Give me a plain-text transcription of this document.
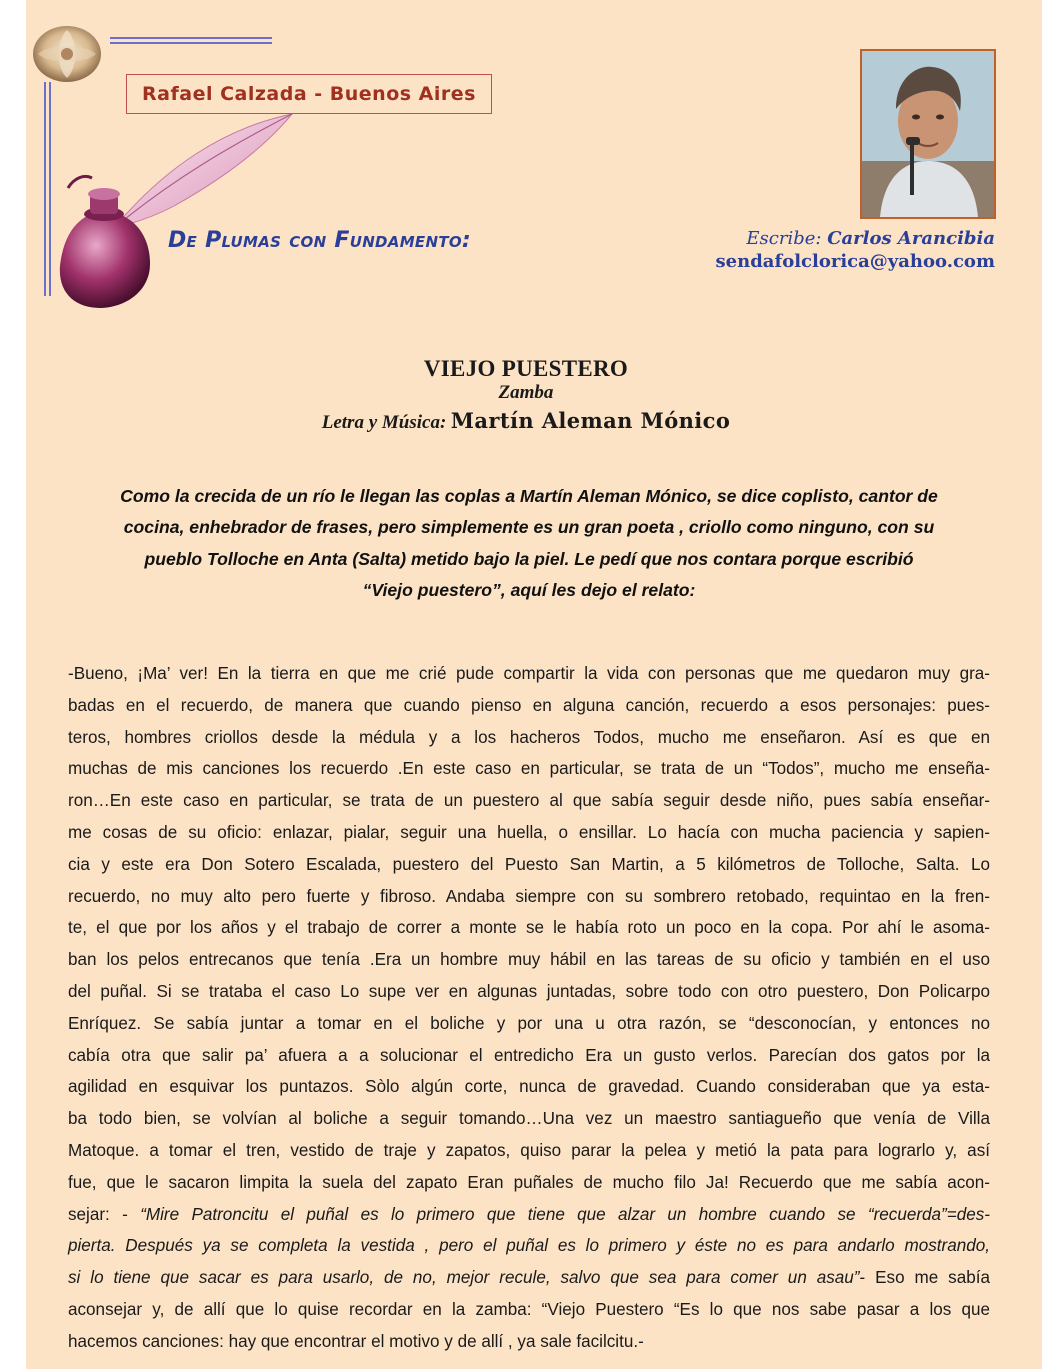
Rafael Calzada - Buenos Aires
De Plumas con Fundamento:	Escribe: Carlos Arancibia
sendafolclorica@yahoo.com
VIEJO PUESTERO
Zamba
Letra y Música: Martín Aleman Mónico

Como la crecida de un río le llegan las coplas a Martín Aleman Mónico, se dice coplisto, cantor de

cocina, enhebrador de frases, pero simplemente es un gran poeta , criollo como ninguno, con su

pueblo Tolloche en Anta (Salta) metido bajo la piel. Le pedí que nos contara porque escribió

“Viejo puestero”, aquí les dejo el relato:

-Bueno, ¡Ma’ ver! En la tierra en que me crié pude compartir la vida con personas que me quedaron muy gra-
badas en el recuerdo, de manera que cuando pienso en alguna canción, recuerdo a esos personajes: pues-
teros, hombres criollos desde la médula y a los hacheros Todos, mucho me enseñaron. Así es que en
muchas de mis canciones los recuerdo .En este caso en particular, se trata de un “Todos”, mucho me enseña-
ron…En este caso en particular, se trata de un puestero al que sabía seguir desde niño, pues sabía enseñar-
me cosas de su oficio: enlazar, pialar, seguir una huella, o ensillar. Lo hacía con mucha paciencia y sapien-
cia y este era Don Sotero Escalada, puestero del Puesto San Martin, a 5 kilómetros de Tolloche, Salta. Lo
recuerdo, no muy alto pero fuerte y fibroso. Andaba siempre con su sombrero retobado, requintao en la fren-
te, el que por los años y el trabajo de correr a monte se le había roto un poco en la copa. Por ahí le asoma-
ban los pelos entrecanos que tenía .Era un hombre muy hábil en las tareas de su oficio y también en el uso
del puñal. Si se trataba el caso Lo supe ver en algunas juntadas, sobre todo con otro puestero, Don Policarpo
Enríquez. Se sabía juntar a tomar en el boliche y por una u otra razón, se “desconocían, y entonces no
cabía otra que salir pa’ afuera a a solucionar el entredicho Era un gusto verlos. Parecían dos gatos por la
agilidad en esquivar los puntazos. Sòlo algún corte, nunca de gravedad. Cuando consideraban que ya esta-
ba todo bien, se volvían al boliche a seguir tomando…Una vez un maestro santiagueño que venía de Villa
Matoque. a tomar el tren, vestido de traje y zapatos, quiso parar la pelea y metió la pata para lograrlo y, así
fue, que le sacaron limpita la suela del zapato Eran puñales de mucho filo Ja! Recuerdo que me sabía acon-
sejar: - “Mire Patroncitu el puñal es lo primero que tiene que alzar un hombre cuando se “recuerda”=des-
pierta. Después ya se completa la vestida , pero el puñal es lo primero y éste no es para andarlo mostrando,
si lo tiene que sacar es para usarlo, de no, mejor recule, salvo que sea para comer un asau”- Eso me sabía
aconsejar y, de allí que lo quise recordar en la zamba: “Viejo Puestero “Es lo que nos sabe pasar a los que
hacemos canciones: hay que encontrar el motivo y de allí , ya sale facilcitu.-
